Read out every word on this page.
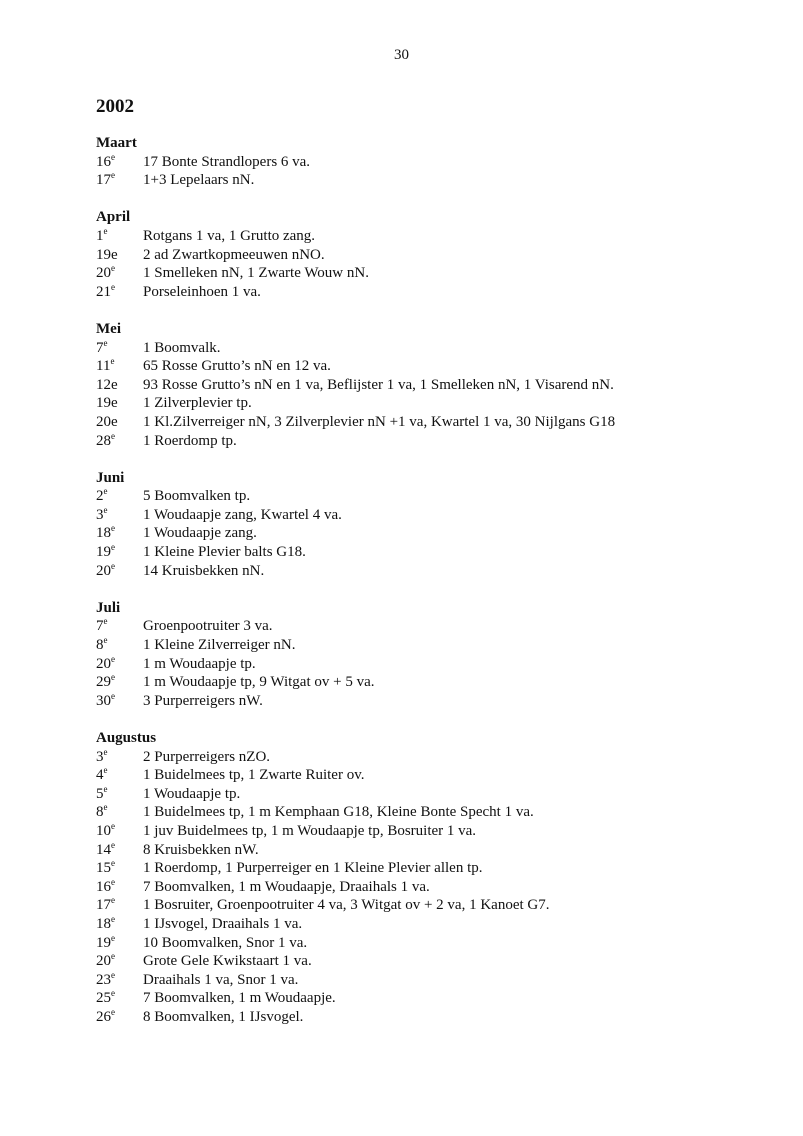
30
2002
Maart
16e	17 Bonte Strandlopers 6 va.
17e	1+3 Lepelaars nN.
April
1e	Rotgans 1 va, 1 Grutto zang.
19e	2 ad Zwartkopmeeuwen nNO.
20e	1 Smelleken nN, 1 Zwarte Wouw nN.
21e	Porseleinhoen 1 va.
Mei
7e	1 Boomvalk.
11e	65 Rosse Grutto’s nN en 12 va.
12e	93 Rosse Grutto’s nN en 1 va, Beflijster 1 va, 1 Smelleken nN, 1 Visarend nN.
19e	1 Zilverplevier tp.
20e	1 Kl.Zilverreiger nN, 3 Zilverplevier nN +1 va, Kwartel 1 va, 30 Nijlgans G18
28e	1 Roerdomp tp.
Juni
2e	5 Boomvalken tp.
3e	1 Woudaapje zang, Kwartel 4 va.
18e	1 Woudaapje zang.
19e	1 Kleine Plevier balts G18.
20e	14 Kruisbekken nN.
Juli
7e	Groenpootruiter 3 va.
8e	1 Kleine Zilverreiger nN.
20e	1 m Woudaapje tp.
29e	1 m Woudaapje tp, 9 Witgat ov + 5 va.
30e	3 Purperreigers nW.
Augustus
3e	2 Purperreigers nZO.
4e	1 Buidelmees tp, 1 Zwarte Ruiter ov.
5e	1 Woudaapje tp.
8e	1 Buidelmees tp, 1 m Kemphaan G18, Kleine Bonte Specht 1 va.
10e	1 juv Buidelmees tp, 1 m Woudaapje tp, Bosruiter 1 va.
14e	8 Kruisbekken nW.
15e	1 Roerdomp, 1 Purperreiger en 1 Kleine Plevier allen tp.
16e	7 Boomvalken, 1 m Woudaapje, Draaihals 1 va.
17e	1 Bosruiter, Groenpootruiter 4 va, 3 Witgat ov + 2 va, 1 Kanoet G7.
18e	1 IJsvogel, Draaihals 1 va.
19e	10 Boomvalken, Snor 1 va.
20e	Grote Gele Kwikstaart 1 va.
23e	Draaihals 1 va, Snor 1 va.
25e	7 Boomvalken, 1 m Woudaapje.
26e	8 Boomvalken, 1 IJsvogel.
